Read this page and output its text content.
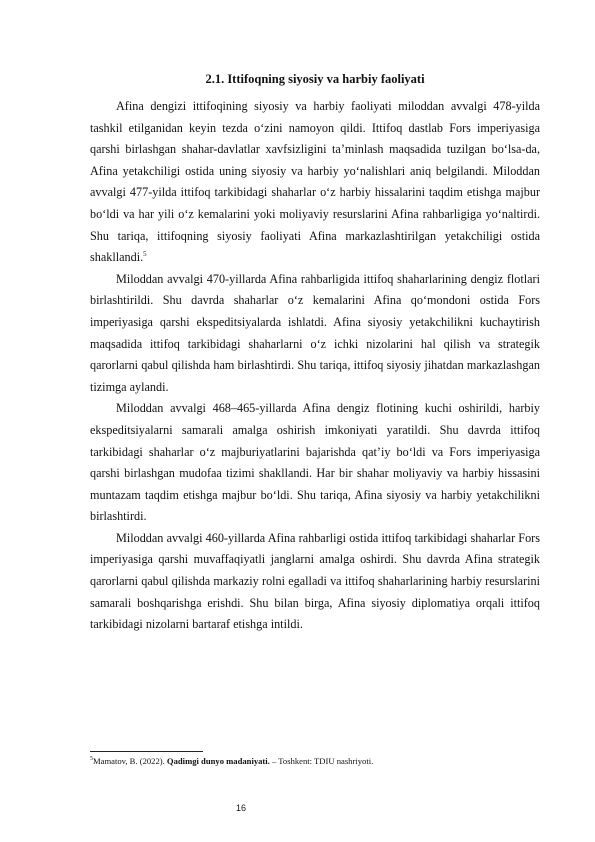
2.1. Ittifoqning siyosiy va harbiy faoliyati

Afina dengizi ittifoqining siyosiy va harbiy faoliyati miloddan avvalgi 478-yilda tashkil etilganidan keyin tezda o‘zini namoyon qildi. Ittifoq dastlab Fors imperiyasiga qarshi birlashgan shahar-davlatlar xavfsizligini ta’minlash maqsadida tuzilgan bo‘lsa-da, Afina yetakchiligi ostida uning siyosiy va harbiy yo‘nalishlari aniq belgilandi. Miloddan avvalgi 477-yilda ittifoq tarkibidagi shaharlar o‘z harbiy hissalarini taqdim etishga majbur bo‘ldi va har yili o‘z kemalarini yoki moliyaviy resurslarini Afina rahbarligiga yo‘naltirdi. Shu tariqa, ittifoqning siyosiy faoliyati Afina markazlashtirilgan yetakchiligi ostida shakllandi.$^5$

Miloddan avvalgi 470-yillarda Afina rahbarligida ittifoq shaharlarining dengiz flotlari birlashtirildi. Shu davrda shaharlar o‘z kemalarini Afina qo‘mondoni ostida Fors imperiyasiga qarshi ekspeditsiyalarda ishlatdi. Afina siyosiy yetakchilikni kuchaytirish maqsadida ittifoq tarkibidagi shaharlarni o‘z ichki nizolarini hal qilish va strategik qarorlarni qabul qilishda ham birlashtirdi. Shu tariqa, ittifoq siyosiy jihatdan markazlashgan tizimga aylandi.

Miloddan avvalgi 468–465-yillarda Afina dengiz flotining kuchi oshirildi, harbiy ekspeditsiyalarni samarali amalga oshirish imkoniyati yaratildi. Shu davrda ittifoq tarkibidagi shaharlar o‘z majburiyatlarini bajarishda qat’iy bo‘ldi va Fors imperiyasiga qarshi birlashgan mudofaa tizimi shakllandi. Har bir shahar moliyaviy va harbiy hissasini muntazam taqdim etishga majbur bo‘ldi. Shu tariqa, Afina siyosiy va harbiy yetakchilikni birlashtirdi.

Miloddan avvalgi 460-yillarda Afina rahbarligi ostida ittifoq tarkibidagi shaharlar Fors imperiyasiga qarshi muvaffaqiyatli janglarni amalga oshirdi. Shu davrda Afina strategik qarorlarni qabul qilishda markaziy rolni egalladi va ittifoq shaharlarining harbiy resurslarini samarali boshqarishga erishdi. Shu bilan birga, Afina siyosiy diplomatiya orqali ittifoq tarkibidagi nizolarni bartaraf etishga intildi.

$^5$Mamatov, B. (2022). Qadimgi dunyo madaniyati. – Toshkent: TDIU nashriyoti.
16
